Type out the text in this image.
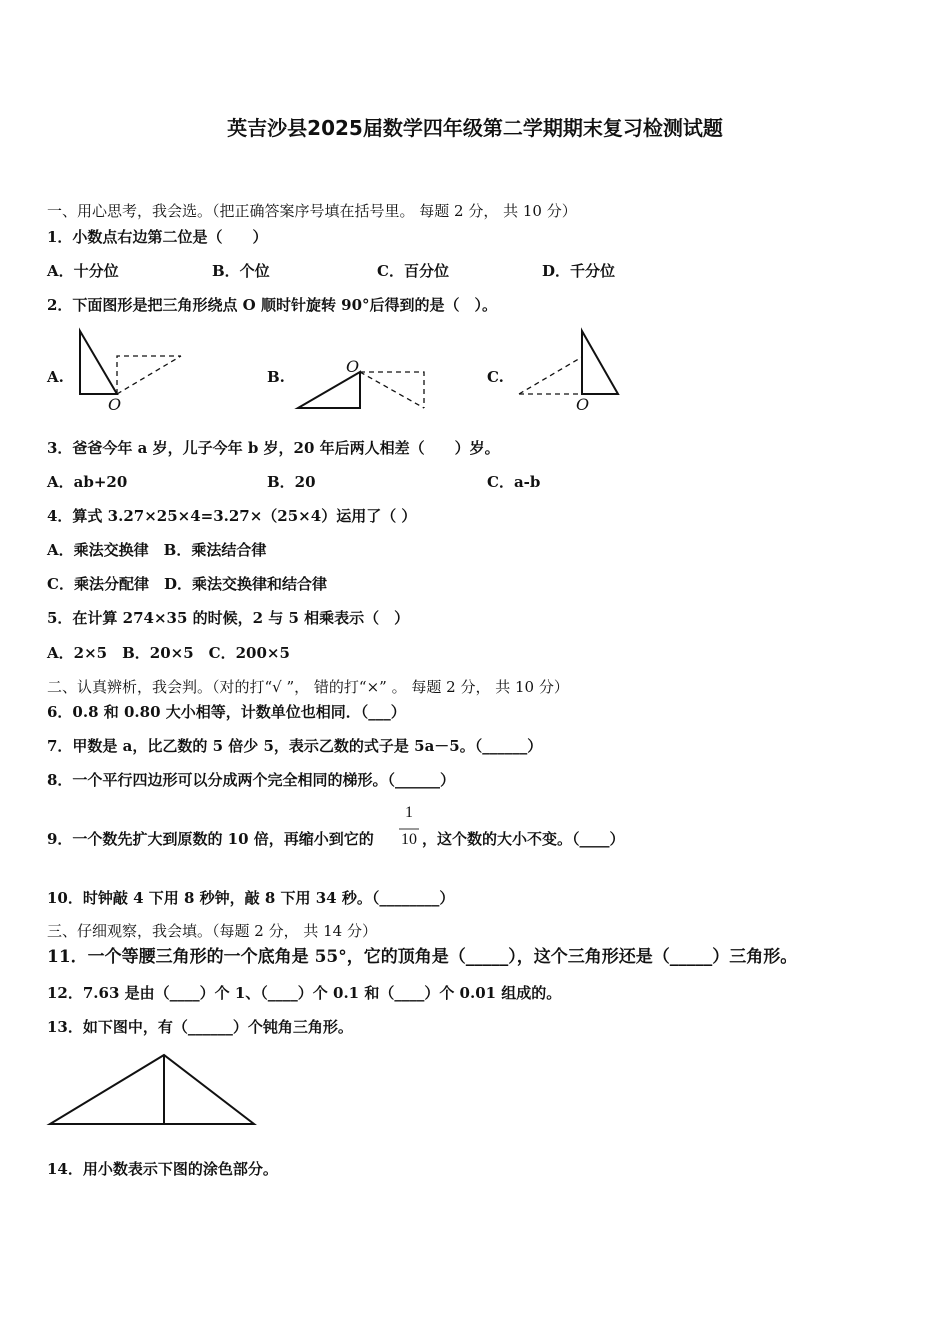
英吉沙县2025届数学四年级第二学期期末复习检测试题
一、用心思考，我会选。（把正确答案序号填在括号里。 每题 2 分， 共 10 分）
1．小数点右边第二位是（　　）
A．十分位	B．个位	C．百分位	D．千分位
2．下面图形是把三角形绕点 O 顺时针旋转 90°后得到的是（　）。
A.	B.	C.
O
O
O
3．爸爸今年 a 岁，儿子今年 b 岁，20 年后两人相差（　　）岁。
A．ab+20	B．20	C．a-b
4．算式 3.27×25×4=3.27×（25×4）运用了（ ）
A．乘法交换律　B．乘法结合律
C．乘法分配律　D．乘法交换律和结合律
5．在计算 274×35 的时候，2 与 5 相乘表示（　）
A．2×5　B．20×5　C．200×5
二、认真辨析，我会判。（对的打“√ ”， 错的打“×” 。 每题 2 分， 共 10 分）
6．0.8 和 0.80 大小相等，计数单位也相同．（___）
7．甲数是 a，比乙数的 5 倍少 5，表示乙数的式子是 5a－5。（______）
8．一个平行四边形可以分成两个完全相同的梯形。（______）
9．一个数先扩大到原数的 10 倍，再缩小到它的
1
10 ，这个数的大小不变。（____）
10．时钟敲 4 下用 8 秒钟，敲 8 下用 34 秒。（________）
三、仔细观察，我会填。（每题 2 分， 共 14 分）
11．一个等腰三角形的一个底角是 55°，它的顶角是（_____），这个三角形还是（_____）三角形。
12．7.63 是由（____）个 1、（____）个 0.1 和（____）个 0.01 组成的。
13．如下图中，有（______）个钝角三角形。
14．用小数表示下图的涂色部分。
